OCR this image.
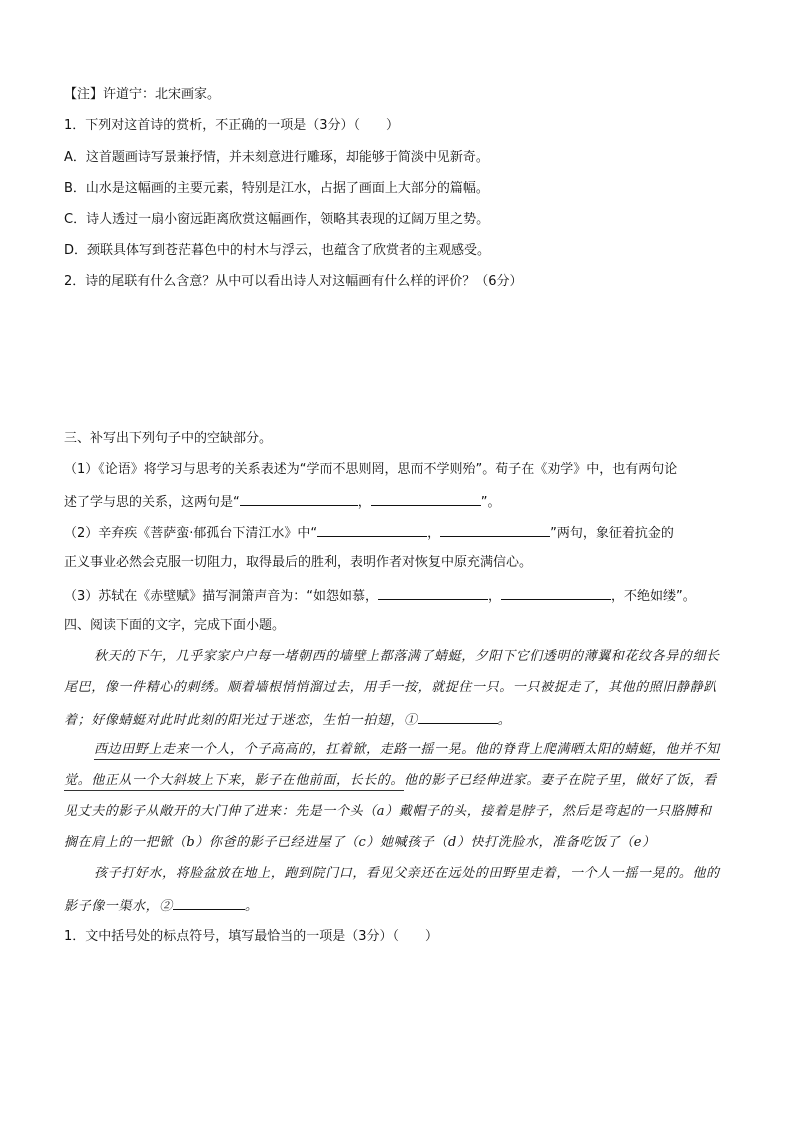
【注】许道宁：北宋画家。
1．下列对这首诗的赏析，不正确的一项是（3分）（　　）
A．这首题画诗写景兼抒情，并未刻意进行雕琢，却能够于简淡中见新奇。
B．山水是这幅画的主要元素，特别是江水，占据了画面上大部分的篇幅。
C．诗人透过一扇小窗远距离欣赏这幅画作，领略其表现的辽阔万里之势。
D．颈联具体写到苍茫暮色中的村木与浮云，也蕴含了欣赏者的主观感受。
2．诗的尾联有什么含意？从中可以看出诗人对这幅画有什么样的评价？（6分）
三、补写出下列句子中的空缺部分。
（1）《论语》将学习与思考的关系表述为“学而不思则罔，思而不学则殆”。荀子在《劝学》中，也有两句论
述了学与思的关系，这两句是“	，	”。
（2）辛弃疾《菩萨蛮·郁孤台下清江水》中“	，	”两句，象征着抗金的
正义事业必然会克服一切阻力，取得最后的胜利，表明作者对恢复中原充满信心。
（3）苏轼在《赤壁赋》描写洞箫声音为：“如怨如慕，	，	，不绝如缕”。
四、阅读下面的文字，完成下面小题。
秋天的下午，几乎家家户户每一堵朝西的墙壁上都落满了蜻蜓，夕阳下它们透明的薄翼和花纹各异的细长
尾巴，像一件精心的刺绣。顺着墙根悄悄溜过去，用手一按，就捉住一只。一只被捉走了，其他的照旧静静趴
着；好像蜻蜓对此时此刻的阳光过于迷恋，生怕一拍翅，①	。
西边田野上走来一个人，个子高高的，扛着锨，走路一摇一晃。他的脊背上爬满晒太阳的蜻蜓，他并不知
觉。他正从一个大斜坡上下来，影子在他前面，长长的。他的影子已经伸进家。妻子在院子里，做好了饭，看
见丈夫的影子从敞开的大门伸了进来：先是一个头（a）戴帽子的头，接着是脖子，然后是弯起的一只胳膊和
搁在肩上的一把锨（b）你爸的影子已经进屋了（c）她喊孩子（d）快打洗脸水，准备吃饭了（e）
孩子打好水，将脸盆放在地上，跑到院门口，看见父亲还在远处的田野里走着，一个人一摇一晃的。他的
影子像一渠水，②	。
1．文中括号处的标点符号，填写最恰当的一项是（3分）（　　）
